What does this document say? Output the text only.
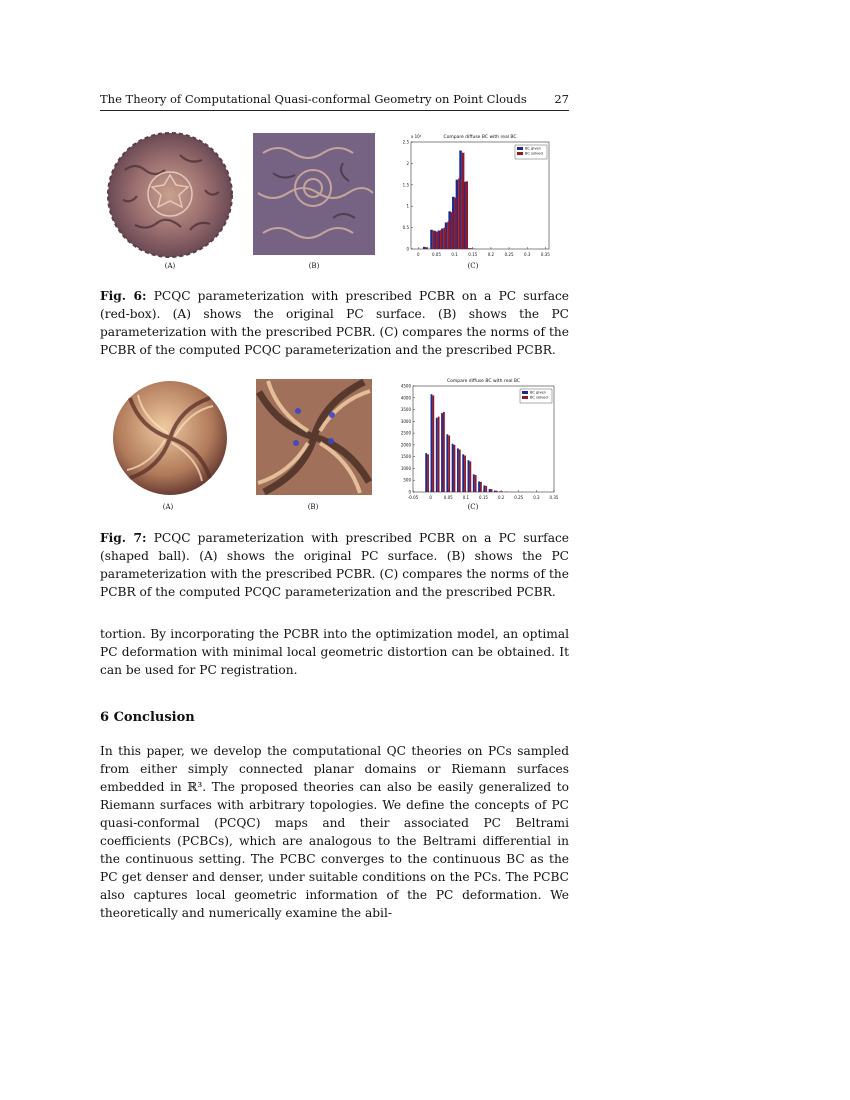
The Theory of Computational Quasi-conformal Geometry on Point Clouds 27
(A)	(B)	(C)
Compare diffuse BC with real BC
x 10⁴
0	0.05	0.1	0.15	0.2	0.25	0.3	0.35
0
0.5
1
1.5
2
2.5
BC given
BC solved
Fig. 6: PCQC parameterization with prescribed PCBR on a PC surface (red-box). (A) shows the original PC surface. (B) shows the PC parameterization with the prescribed PCBR. (C) compares the norms of the PCBR of the computed PCQC parameterization and the prescribed PCBR.
(A)	(B)	(C)
Compare diffuse BC with real BC
-0.05	0	0.05 0.1 0.15 0.2 0.25 0.3 0.35
0
500
1000
1500
2000
2500
3000
3500
4000
4500
BC given
BC solved
Fig. 7: PCQC parameterization with prescribed PCBR on a PC surface (shaped ball). (A) shows the original PC surface. (B) shows the PC parameterization with the prescribed PCBR. (C) compares the norms of the PCBR of the computed PCQC parameterization and the prescribed PCBR.
tortion. By incorporating the PCBR into the optimization model, an optimal PC deformation with minimal local geometric distortion can be obtained. It can be used for PC registration.
6 Conclusion
In this paper, we develop the computational QC theories on PCs sampled from either simply connected planar domains or Riemann surfaces embedded in ℝ³. The proposed theories can also be easily generalized to Riemann surfaces with arbitrary topologies. We define the concepts of PC quasi-conformal (PCQC) maps and their associated PC Beltrami coefficients (PCBCs), which are analogous to the Beltrami differential in the continuous setting. The PCBC converges to the continuous BC as the PC get denser and denser, under suitable conditions on the PCs. The PCBC also captures local geometric information of the PC deformation. We theoretically and numerically examine the abil-
